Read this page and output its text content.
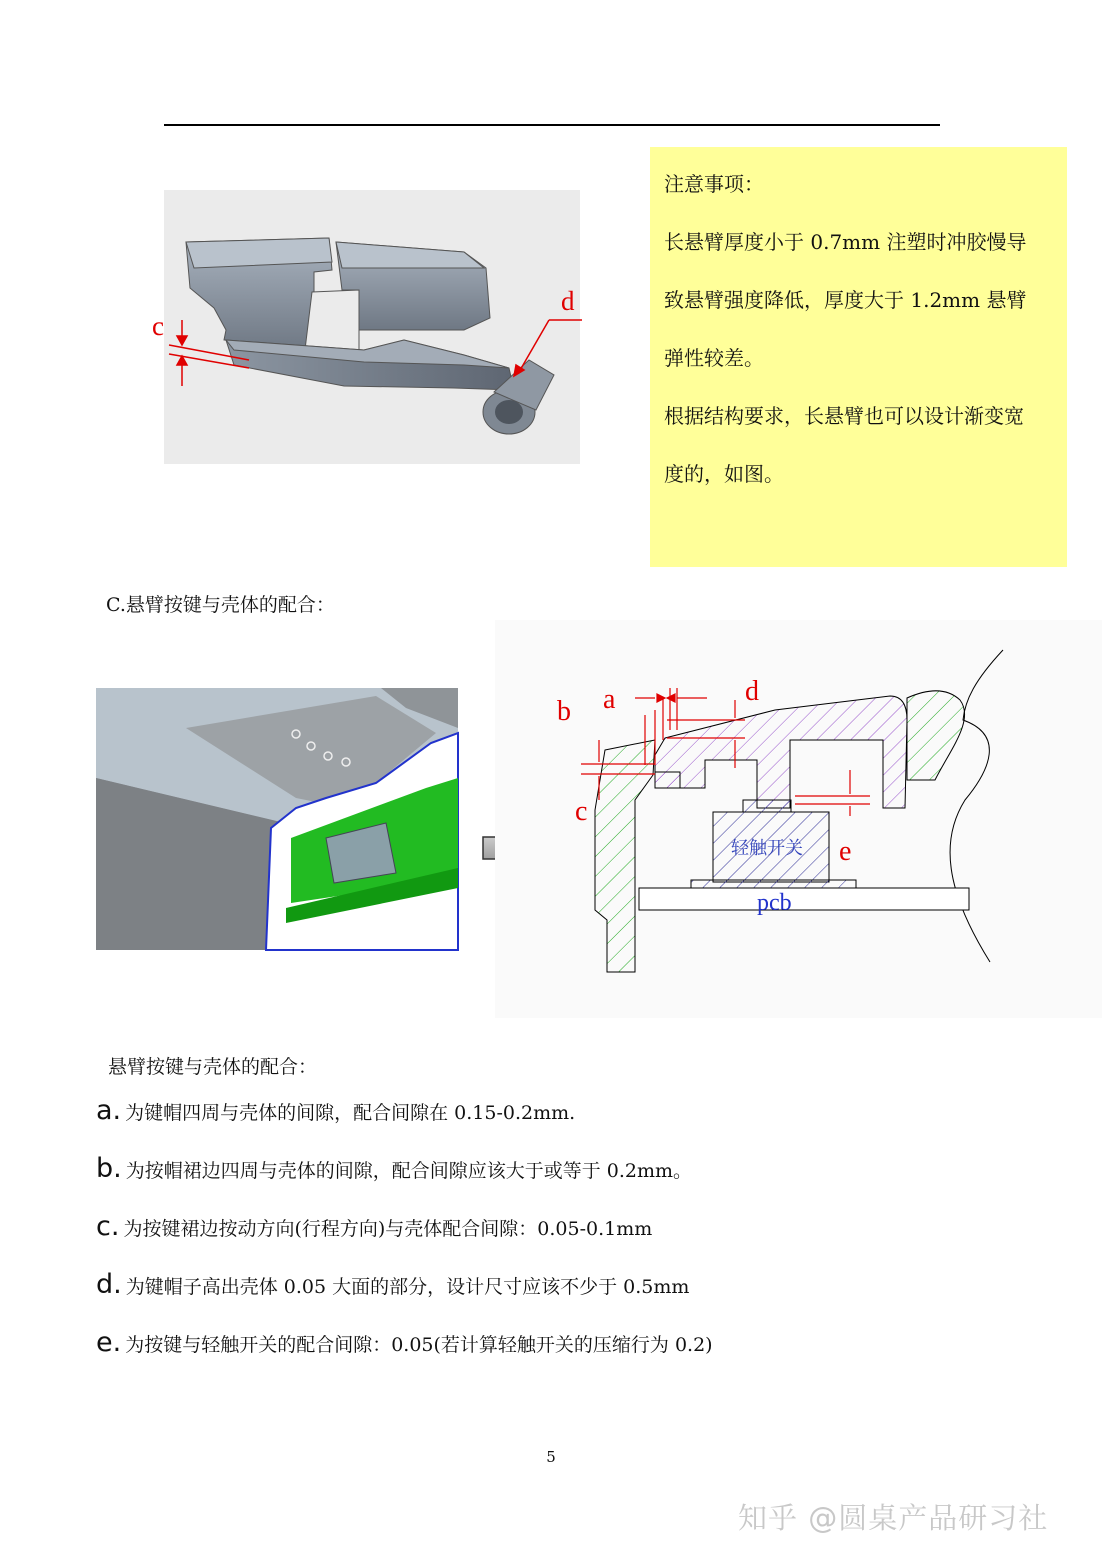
c
d

注意事项：

长悬臂厚度小于 0.7mm 注塑时冲胶慢导

致悬臂强度降低，厚度大于 1.2mm 悬臂

弹性较差。

根据结构要求，长悬臂也可以设计渐变宽

度的，如图。

C.悬臂按键与壳体的配合：
b a	d
c
e
轻触开关
pcb
悬臂按键与壳体的配合：
a. 为键帽四周与壳体的间隙，配合间隙在 0.15-0.2mm.
b. 为按帽裙边四周与壳体的间隙，配合间隙应该大于或等于 0.2mm。
c. 为按键裙边按动方向(行程方向)与壳体配合间隙：0.05-0.1mm
d. 为键帽子高出壳体 0.05 大面的部分，设计尺寸应该不少于 0.5mm
e. 为按键与轻触开关的配合间隙：0.05(若计算轻触开关的压缩行为 0.2)
5
知乎 @圆桌产品研习社
